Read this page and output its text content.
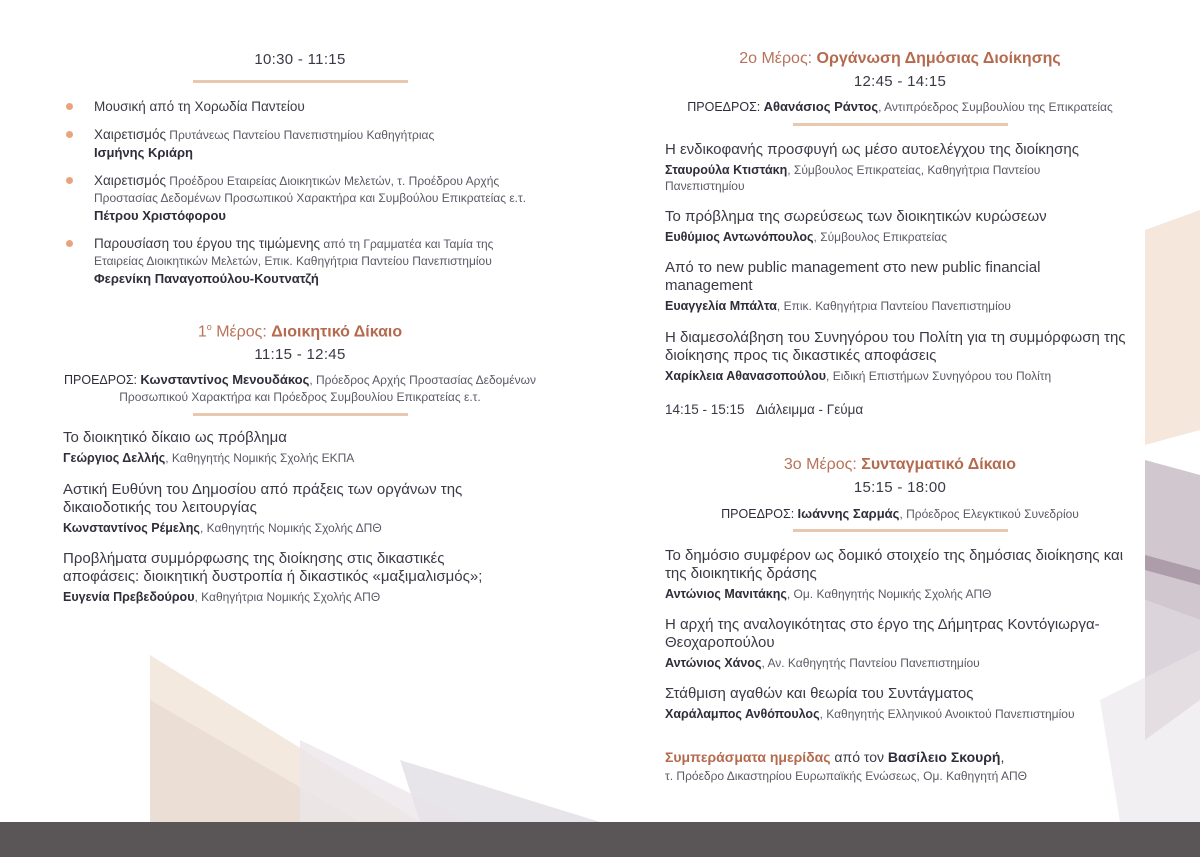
10:30 - 11:15
Μουσική από τη Χορωδία Παντείου
Χαιρετισμός Πρυτάνεως Παντείου Πανεπιστημίου Καθηγήτριας
Ισμήνης Κριάρη
Χαιρετισμός Προέδρου Εταιρείας Διοικητικών Μελετών, τ. Προέδρου Αρχής Προστασίας Δεδομένων Προσωπικού Χαρακτήρα και Συμβούλου Επικρατείας ε.τ. Πέτρου Χριστόφορου
Παρουσίαση του έργου της τιμώμενης από τη Γραμματέα και Ταμία της Εταιρείας Διοικητικών Μελετών, Επικ. Καθηγήτρια Παντείου Πανεπιστημίου
Φερενίκη Παναγοπούλου-Κουτνατζή
$1^o$ Μέρος: Διοικητικό Δίκαιο
11:15 - 12:45
ΠΡΟΕΔΡΟΣ: Κωνσταντίνος Μενουδάκος, Πρόεδρος Αρχής Προστασίας Δεδομένων Προσωπικού Χαρακτήρα και Πρόεδρος Συμβουλίου Επικρατείας ε.τ.
Το διοικητικό δίκαιο ως πρόβλημα
Γεώργιος Δελλής, Καθηγητής Νομικής Σχολής ΕΚΠΑ
Αστική Ευθύνη του Δημοσίου από πράξεις των οργάνων της δικαιοδοτικής του λειτουργίας
Κωνσταντίνος Ρέμελης, Καθηγητής Νομικής Σχολής ΔΠΘ
Προβλήματα συμμόρφωσης της διοίκησης στις δικαστικές αποφάσεις: διοικητική δυστροπία ή δικαστικός «μαξιμαλισμός»;
Ευγενία Πρεβεδούρου, Καθηγήτρια Νομικής Σχολής ΑΠΘ
2ο Μέρος: Οργάνωση Δημόσιας Διοίκησης
12:45 - 14:15
ΠΡΟΕΔΡΟΣ: Αθανάσιος Ράντος, Αντιπρόεδρος Συμβουλίου της Επικρατείας
Η ενδικοφανής προσφυγή ως μέσο αυτοελέγχου της διοίκησης
Σταυρούλα Κτιστάκη, Σύμβουλος Επικρατείας, Καθηγήτρια Παντείου Πανεπιστημίου
Το πρόβλημα της σωρεύσεως των διοικητικών κυρώσεων
Ευθύμιος Αντωνόπουλος, Σύμβουλος Επικρατείας
Από το new public management στο new public financial management
Ευαγγελία Μπάλτα, Επικ. Καθηγήτρια Παντείου Πανεπιστημίου
Η διαμεσολάβηση του Συνηγόρου του Πολίτη για τη συμμόρφωση της διοίκησης προς τις δικαστικές αποφάσεις
Χαρίκλεια Αθανασοπούλου, Ειδική Επιστήμων Συνηγόρου του Πολίτη
14:15 - 15:15 Διάλειμμα - Γεύμα
3ο Μέρος: Συνταγματικό Δίκαιο
15:15 - 18:00
ΠΡΟΕΔΡΟΣ: Ιωάννης Σαρμάς, Πρόεδρος Ελεγκτικού Συνεδρίου
Το δημόσιο συμφέρον ως δομικό στοιχείο της δημόσιας διοίκησης και της διοικητικής δράσης
Αντώνιος Μανιτάκης, Ομ. Καθηγητής Νομικής Σχολής ΑΠΘ
Η αρχή της αναλογικότητας στο έργο της Δήμητρας Κοντόγιωργα-Θεοχαροπούλου
Αντώνιος Χάνος, Αν. Καθηγητής Παντείου Πανεπιστημίου
Στάθμιση αγαθών και θεωρία του Συντάγματος
Χαράλαμπος Ανθόπουλος, Καθηγητής Ελληνικού Ανοικτού Πανεπιστημίου
Συμπεράσματα ημερίδας από τον Βασίλειο Σκουρή,
τ. Πρόεδρο Δικαστηρίου Ευρωπαϊκής Ενώσεως, Ομ. Καθηγητή ΑΠΘ
